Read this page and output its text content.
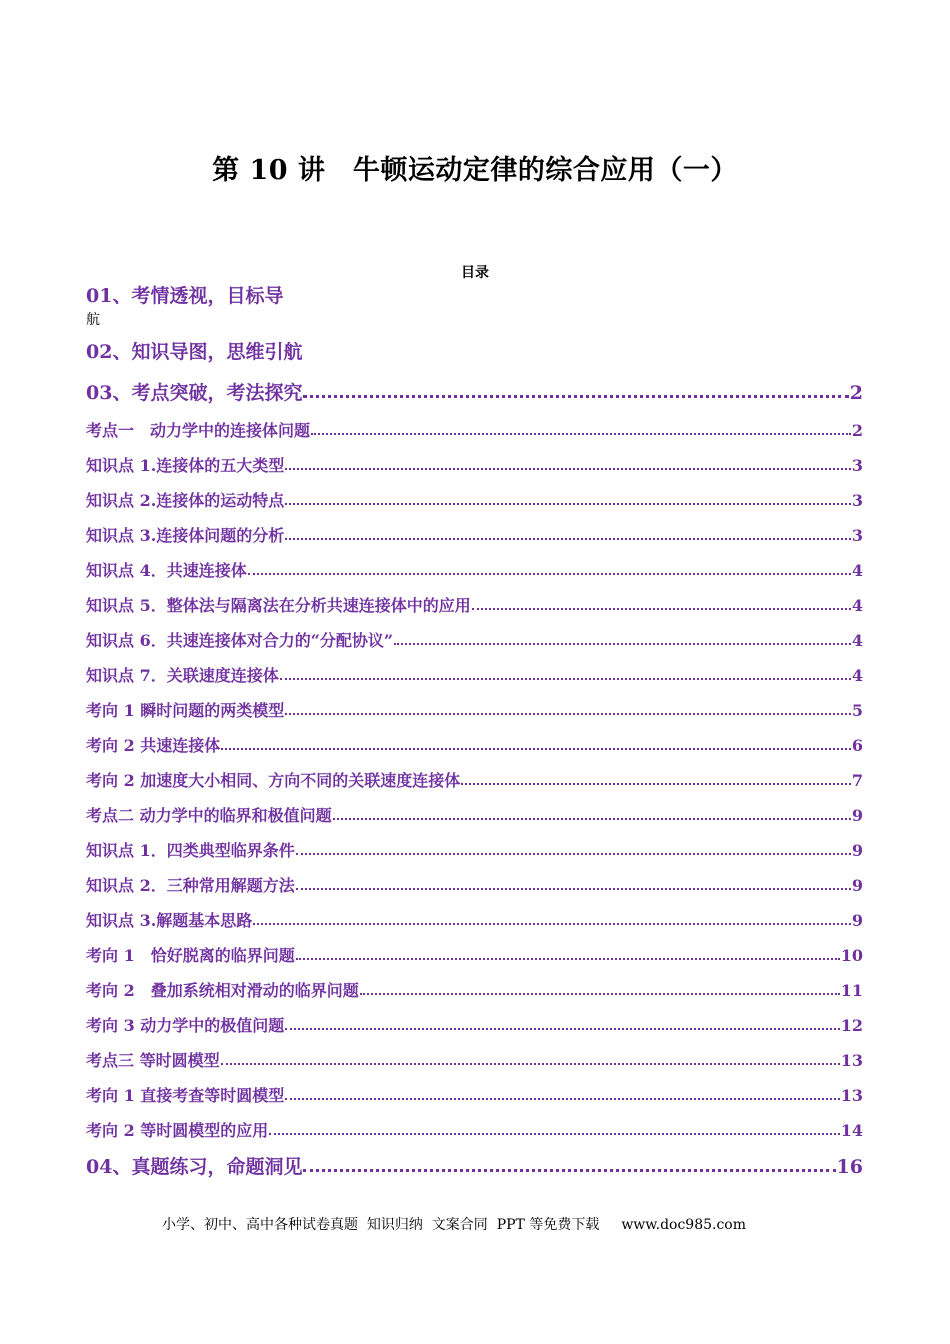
第 10 讲　牛顿运动定律的综合应用（一）
目录
01、考情透视，目标导
02、知识导图，思维引航
03、考点突破，考法探究	2
考点一　动力学中的连接体问题	2
知识点 1.连接体的五大类型	3
知识点 2.连接体的运动特点	3
知识点 3.连接体问题的分析	3
知识点 4．共速连接体	4
知识点 5．整体法与隔离法在分析共速连接体中的应用	4
知识点 6．共速连接体对合力的“分配协议”	4
知识点 7．关联速度连接体	4
考向 1 瞬时问题的两类模型	5
考向 2 共速连接体	6
考向 2 加速度大小相同、方向不同的关联速度连接体	7
考点二 动力学中的临界和极值问题	9
知识点 1．四类典型临界条件	9
知识点 2．三种常用解题方法	9
知识点 3.解题基本思路	9
考向 1　恰好脱离的临界问题	10
考向 2　叠加系统相对滑动的临界问题	11
考向 3 动力学中的极值问题	12
考点三 等时圆模型	13
考向 1 直接考查等时圆模型	13
考向 2 等时圆模型的应用	14
04、真题练习，命题洞见	16
航
小学、初中、高中各种试卷真题  知识归纳  文案合同  PPT 等免费下载 www.doc985.com
